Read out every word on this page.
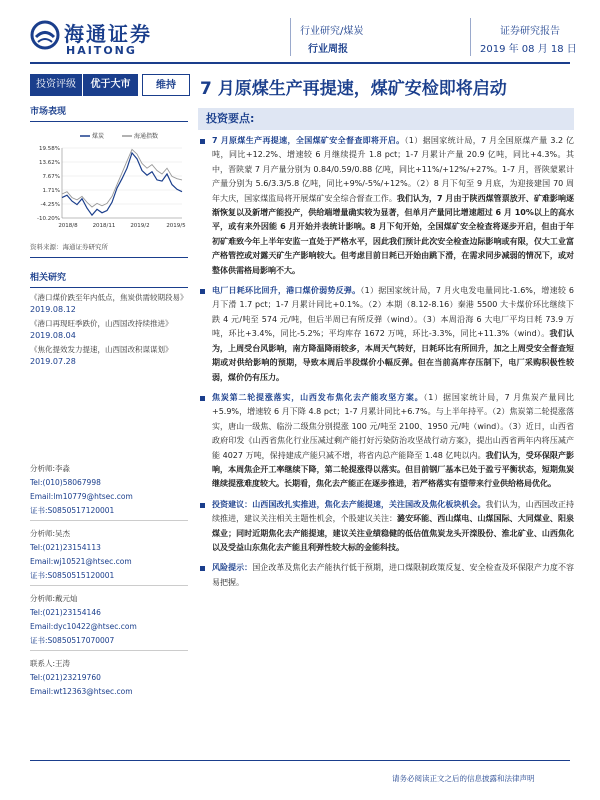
海通证券
HAITONG
行业研究/煤炭
行业周报
证券研究报告
2019 年 08 月 18 日
投资评级	优于大市	维持	7 月原煤生产再提速，煤矿安检即将启动
市场表现
19.58%
13.62%
7.67%
1.71%
-4.25%
-10.20%
2018/8	2018/11	2019/2	2019/5
煤炭	海通指数
资料来源：海通证券研究所
相关研究
《港口煤价跌至年内低点，焦炭供需较期段易》
2019.08.12
《港口再现旺季跌价，山西国改持续推进》
2019.08.04
《焦化提效发力提速，山西国改积谋谋划》
2019.07.28
分析师:李淼
Tel:(010)58067998
Email:lm10779@htsec.com
证书:S0850517120001
分析师:吴杰
Tel:(021)23154113
Email:wj10521@htsec.com
证书:S0850515120001
分析师:戴元灿
Tel:(021)23154146
Email:dyc10422@htsec.com
证书:S0850517070007
联系人:王涛
Tel:(021)23219760
Email:wt12363@htsec.com
投资要点:
7 月原煤生产再提速，全国煤矿安全督查即将开启。（1）据国家统计局，7 月全国原煤产量 3.2 亿吨，同比+12.2%、增速较 6 月继续提升 1.8 pct；1-7 月累计产量 20.9 亿吨，同比+4.3%。其中，晋陕蒙 7 月产量分别为 0.84/0.59/0.88 亿吨，同比+11%/+12%/+27%。1-7 月，晋陕蒙累计产量分别为 5.6/3.3/5.8 亿吨，同比+9%/-5%/+12%。（2）8 月下旬至 9 月底，为迎接建国 70 周年大庆，国家煤监局将开展煤矿安全综合督查工作。我们认为，7 月由于陕西煤管票放开、矿难影响逐渐恢复以及新增产能投产，供给端增量确实较为显著，但单月产量同比增速超过 6 月 10%以上的高水平，或有来外因能 6 月开始并表统计影响。8 月下旬开始，全国煤矿安全检查将逐步开启，但由于年初矿难致今年上半年安监一直处于严格水平，因此我们预计此次安全检查边际影响或有限，仅大工业富产格管控或对露天矿生产影响较大。但考虑目前日耗已开始由跳下滑，在需求同步减弱的情况下，或对整体供需格局影响不大。
电厂日耗环比回升，港口煤价弱势反弹。（1）据国家统计局，7 月火电发电量同比-1.6%，增速较 6 月下滑 1.7 pct；1-7 月累计同比+0.1%。（2）本期（8.12-8.16）秦港 5500 大卡煤价环比继续下跌 4 元/吨至 574 元/吨，但后半周已有所反弹（wind）。（3）本周沿海 6 大电厂平均日耗 73.9 万吨，环比+3.4%，同比-5.2%；平均库存 1672 万吨，环比-3.3%，同比+11.3%（wind）。我们认为，上周受台风影响，南方降温降雨较多，本周天气转好，日耗环比有所回升，加之上周受安全督查短期或对供给影响的预期，导致本周后半段煤价小幅反弹。但在当前高库存压制下，电厂采购积极性较弱，煤价仍有压力。
焦炭第二轮提涨落实，山西发布焦化去产能攻坚方案。（1）据国家统计局，7 月焦炭产量同比+5.9%，增速较 6 月下降 4.8 pct；1-7 月累计同比+6.7%。与上半年持平。（2）焦炭第二轮提涨落实，唐山一级焦、临汾二级焦分别提涨 100 元/吨至 2100、1950 元/吨（wind）。（3）近日，山西省政府印发《山西省焦化行业压减过剩产能打好污染防治攻坚战行动方案》，提出山西省两年内将压减产能 4027 万吨，保持建成产能只减不增，将省内总产能降至 1.48 亿吨以内。我们认为，受环保限产影响，本周焦企开工率继续下降，第二轮提涨得以落实。但目前钢厂基本已处于盈亏平衡状态，短期焦炭继续提涨难度较大。长期看，焦化去产能正在逐步推进，若严格落实有望带来行业供给格局优化。
投资建议：山西国改扎实推进，焦化去产能提速，关注国改及焦化板块机会。我们认为，山西国改正持续推进，建议关注相关主题性机会，个股建议关注：潞安环能、西山煤电、山煤国际、大同煤业、阳泉煤业；同时近期焦化去产能提速，建议关注业绩稳健的低估值焦炭龙头开滦股份、淮北矿业、山西焦化以及受益山东焦化去产能且利弹性较大标的金能科技。
风险提示：国企改革及焦化去产能执行低于预期，进口煤限制政策反复、安全检查及环保限产力度不容易把握。
请务必阅读正文之后的信息披露和法律声明
